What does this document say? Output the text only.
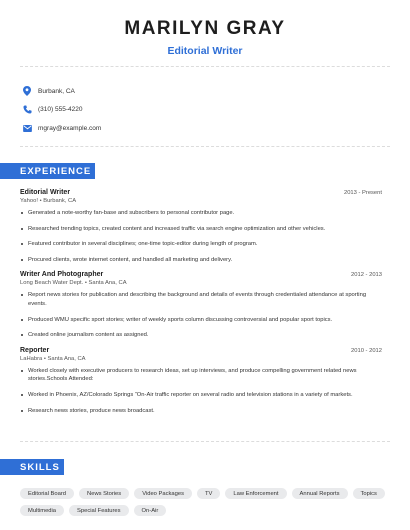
MARILYN GRAY
Editorial Writer
Burbank, CA
(310) 555-4220
mgray@example.com
EXPERIENCE
Editorial Writer	2013 - Present
Yahoo! • Burbank, CA
Generated a note-worthy fan-base and subscribers to personal contributor page.
Researched trending topics, created content and increased traffic via search engine optimization and other vehicles.
Featured contributor in several disciplines; one-time topic-editor during length of program.
Procured clients, wrote internet content, and handled all marketing and delivery.
Writer And Photographer	2012 - 2013
Long Beach Water Dept. • Santa Ana, CA
Report news stories for publication and describing the background and details of events through credentialed attendance at sporting events.
Produced WMU specific sport stories; writer of weekly sports column discussing controversial and popular sport topics.
Created online journalism content as assigned.
Reporter	2010 - 2012
LaHabra • Santa Ana, CA
Worked closely with executive producers to research ideas, set up interviews, and produce compelling government related news stories.Schools Attended:
Worked in Phoenix, AZ/Colorado Springs “On-Air traffic reporter on several radio and television stations in a variety of markets.
Research news stories, produce news broadcast.
SKILLS
Editorial Board	News Stories	Video Packages	TV	Law Enforcement	Annual Reports	Topics
Multimedia	Special Features	On-Air
